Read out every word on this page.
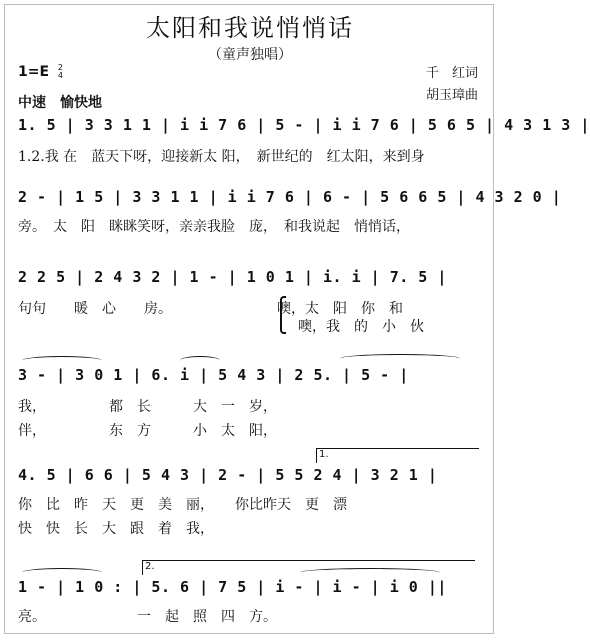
太阳和我说悄悄话
（童声独唱）
千　红词
胡玉璋曲
1=E 2
4
中速　愉快地
1. 5 | 3 3 1 1 | i i 7 6 | 5 - | i i 7 6 | 5 6 5 | 4 3 1 3 |
1.2.我 在　蓝天下呀，迎接新太 阳，　新世纪的　红太阳，来到身
2 - | 1 5 | 3 3 1 1 | i i 7 6 | 6 - | 5 6 6 5 | 4 3 2 0 |
旁。　太　阳　眯眯笑呀，亲亲我脸　庞，　和我说起　悄悄话，
2 2 5 | 2 4 3 2 | 1 - | 1 0 1 | i. i | 7. 5 |
句句　　暖　心　　房。　　　　　　　　噢，太　阳　你　和
　　　　　　　　　　　　　　　　　　　　噢，我　的　小　伙
3 - | 3 0 1 | 6. i | 5 4 3 | 2 5. | 5 - |
我，　　　　　都　长　　　大　一　岁，
伴，　　　　　东　方　　　小　太　阳，
1.
4. 5 | 6 6 | 5 4 3 | 2 - | 5 5 2 4 | 3 2 1 |
你　比　昨　天　更　美　丽，　　你比昨天　更　漂
快　快　长　大　跟　着　我，
2.
1 - | 1 0 : | 5. 6 | 7 5 | i - | i - | i 0 ||
亮。　　　　　　　一　起　照　四　方。
